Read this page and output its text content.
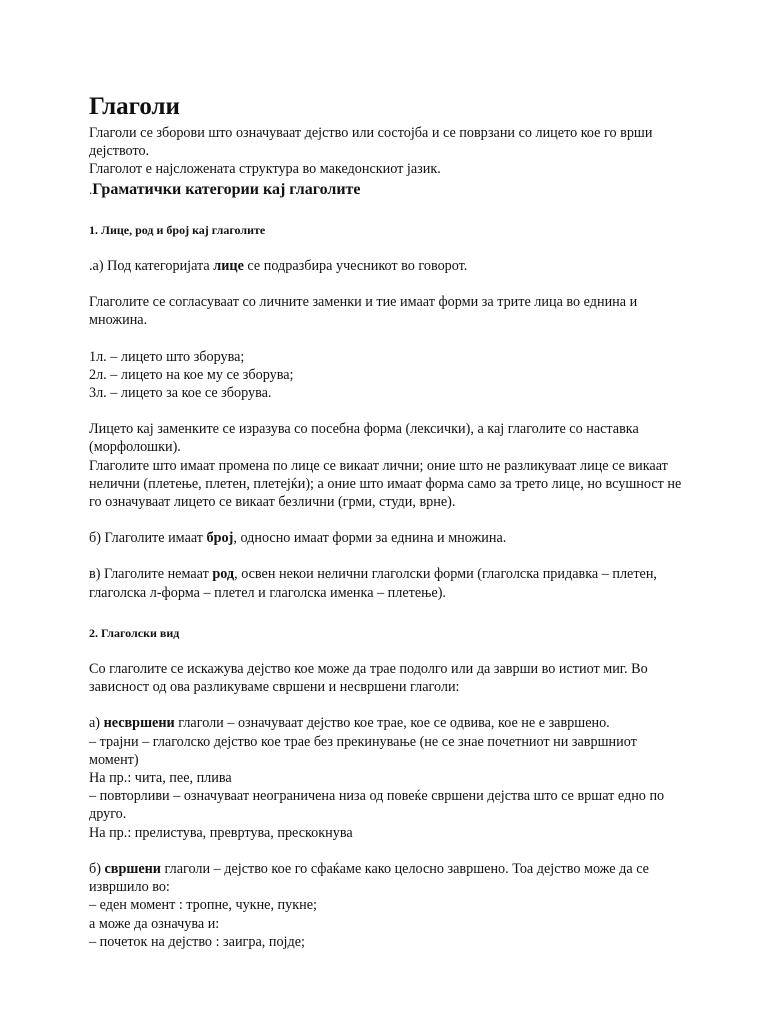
Глаголи

Глаголи се зборови што означуваат дејство или состојба и се поврзани со лицето кое го врши дејството.

Глаголот е најсложената структура во македонскиот јазик.

.Граматички категории кај глаголите

1. Лице, род и број кај глаголите

.а) Под категоријата лице се подразбира учесникот во говорот.

Глаголите се согласуваат со личните заменки и тие имаат форми за трите лица во еднина и множина.

1л. – лицето што зборува;

2л. – лицето на кое му се зборува;

3л. – лицето за кое се зборува.

Лицето кај заменките се изразува со посебна форма (лексички), а кај глаголите со наставка (морфолошки).

Глаголите што имаат промена по лице се викаат лични; оние што не разликуваат лице се викаат нелични (плетење, плетен, плетејќи); а оние што имаат форма само за трето лице, но всушност не го означуваат лицето се викаат безлични (грми, студи, врне).

б) Глаголите имаат број, односно имаат форми за еднина и множина.

в) Глаголите немаат род, освен некои нелични глаголски форми (глаголска придавка – плетен, глаголска л-форма – плетел и глаголска именка – плетење).

2. Глаголски вид

Со глаголите се искажува дејство кое може да трае подолго или да заврши во истиот миг. Во зависност од ова разликуваме свршени и несвршени глаголи:

а) несвршени глаголи – означуваат дејство кое трае, кое се одвива, кое не е завршено.

– трајни – глаголско дејство кое трае без прекинување (не се знае почетниот ни завршниот момент)

На пр.: чита, пее, плива

– повторливи – означуваат неограничена низа од повеќе свршени дејства што се вршат едно по друго.

На пр.: прелистува, превртува, прескокнува

б) свршени глаголи – дејство кое го сфаќаме како целосно завршено. Тоа дејство може да се извршило во:

– еден момент : тропне, чукне, пукне;

а може да означува и:

– почеток на дејство : заигра, појде;
